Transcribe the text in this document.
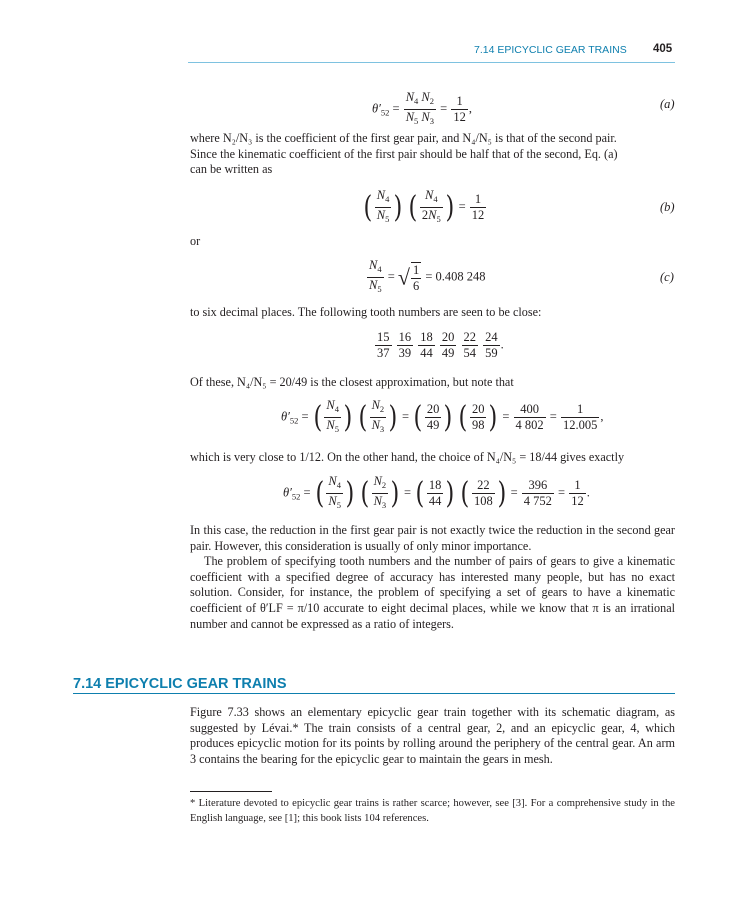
7.14 EPICYCLIC GEAR TRAINS 405
$\theta'_{52} = \frac{N_4 N_2}{N_5 N_3} = \frac{1}{12}$ ,	(a)

where N₂/N₃ is the coefficient of the first gear pair, and N₄/N₅ is that of the second pair.

Since the kinematic coefficient of the first pair should be half that of the second, Eq. (a)

can be written as

( $\frac{N_4}{N_5}$ ) ( $\frac{N_4}{2N_5}$ ) = $\frac{1}{12}$	(b)
or
$\frac{N_4}{N_5}$ = √ $\frac{1}{6} = 0.408$ 248	(c)

to six decimal places. The following tooth numbers are seen to be close:

$\frac{15}{37}$
$\frac{16}{39}$
$\frac{18}{44}$
$\frac{20}{49}$
$\frac{22}{54}$
$\frac{24}{59}$ .

Of these, N₄/N₅ = 20/49 is the closest approximation, but note that

$\theta'_{52}$ = ( $\frac{N_4}{N_5}$ ) ( $\frac{N_2}{N_3}$ ) = ( $\frac{20}{49}$ ) ( $\frac{20}{98}$ ) = $\frac{400}{4 802} = \frac{1}{12.005}$ ,

which is very close to 1/12. On the other hand, the choice of N₄/N₅ = 18/44 gives exactly

$\theta'_{52}$ = ( $\frac{N_4}{N_5}$ ) ( $\frac{N_2}{N_3}$ ) = ( $\frac{18}{44}$ ) ( $\frac{22}{108}$ ) = $\frac{396}{4 752} = \frac{1}{12}$ .

In this case, the reduction in the first gear pair is not exactly twice the reduction in the second gear pair. However, this consideration is usually of only minor importance.

The problem of specifying tooth numbers and the number of pairs of gears to give a kinematic coefficient with a specified degree of accuracy has interested many people, but has no exact solution. Consider, for instance, the problem of specifying a set of gears to have a kinematic coefficient of θ′LF = π/10 accurate to eight decimal places, while we know that π is an irrational number and cannot be expressed as a ratio of integers.

7.14 EPICYCLIC GEAR TRAINS

Figure 7.33 shows an elementary epicyclic gear train together with its schematic diagram, as suggested by Lévai.* The train consists of a central gear, 2, and an epicyclic gear, 4, which produces epicyclic motion for its points by rolling around the periphery of the central gear. An arm 3 contains the bearing for the epicyclic gear to maintain the gears in mesh.

* Literature devoted to epicyclic gear trains is rather scarce; however, see [3]. For a comprehensive study in the English language, see [1]; this book lists 104 references.
